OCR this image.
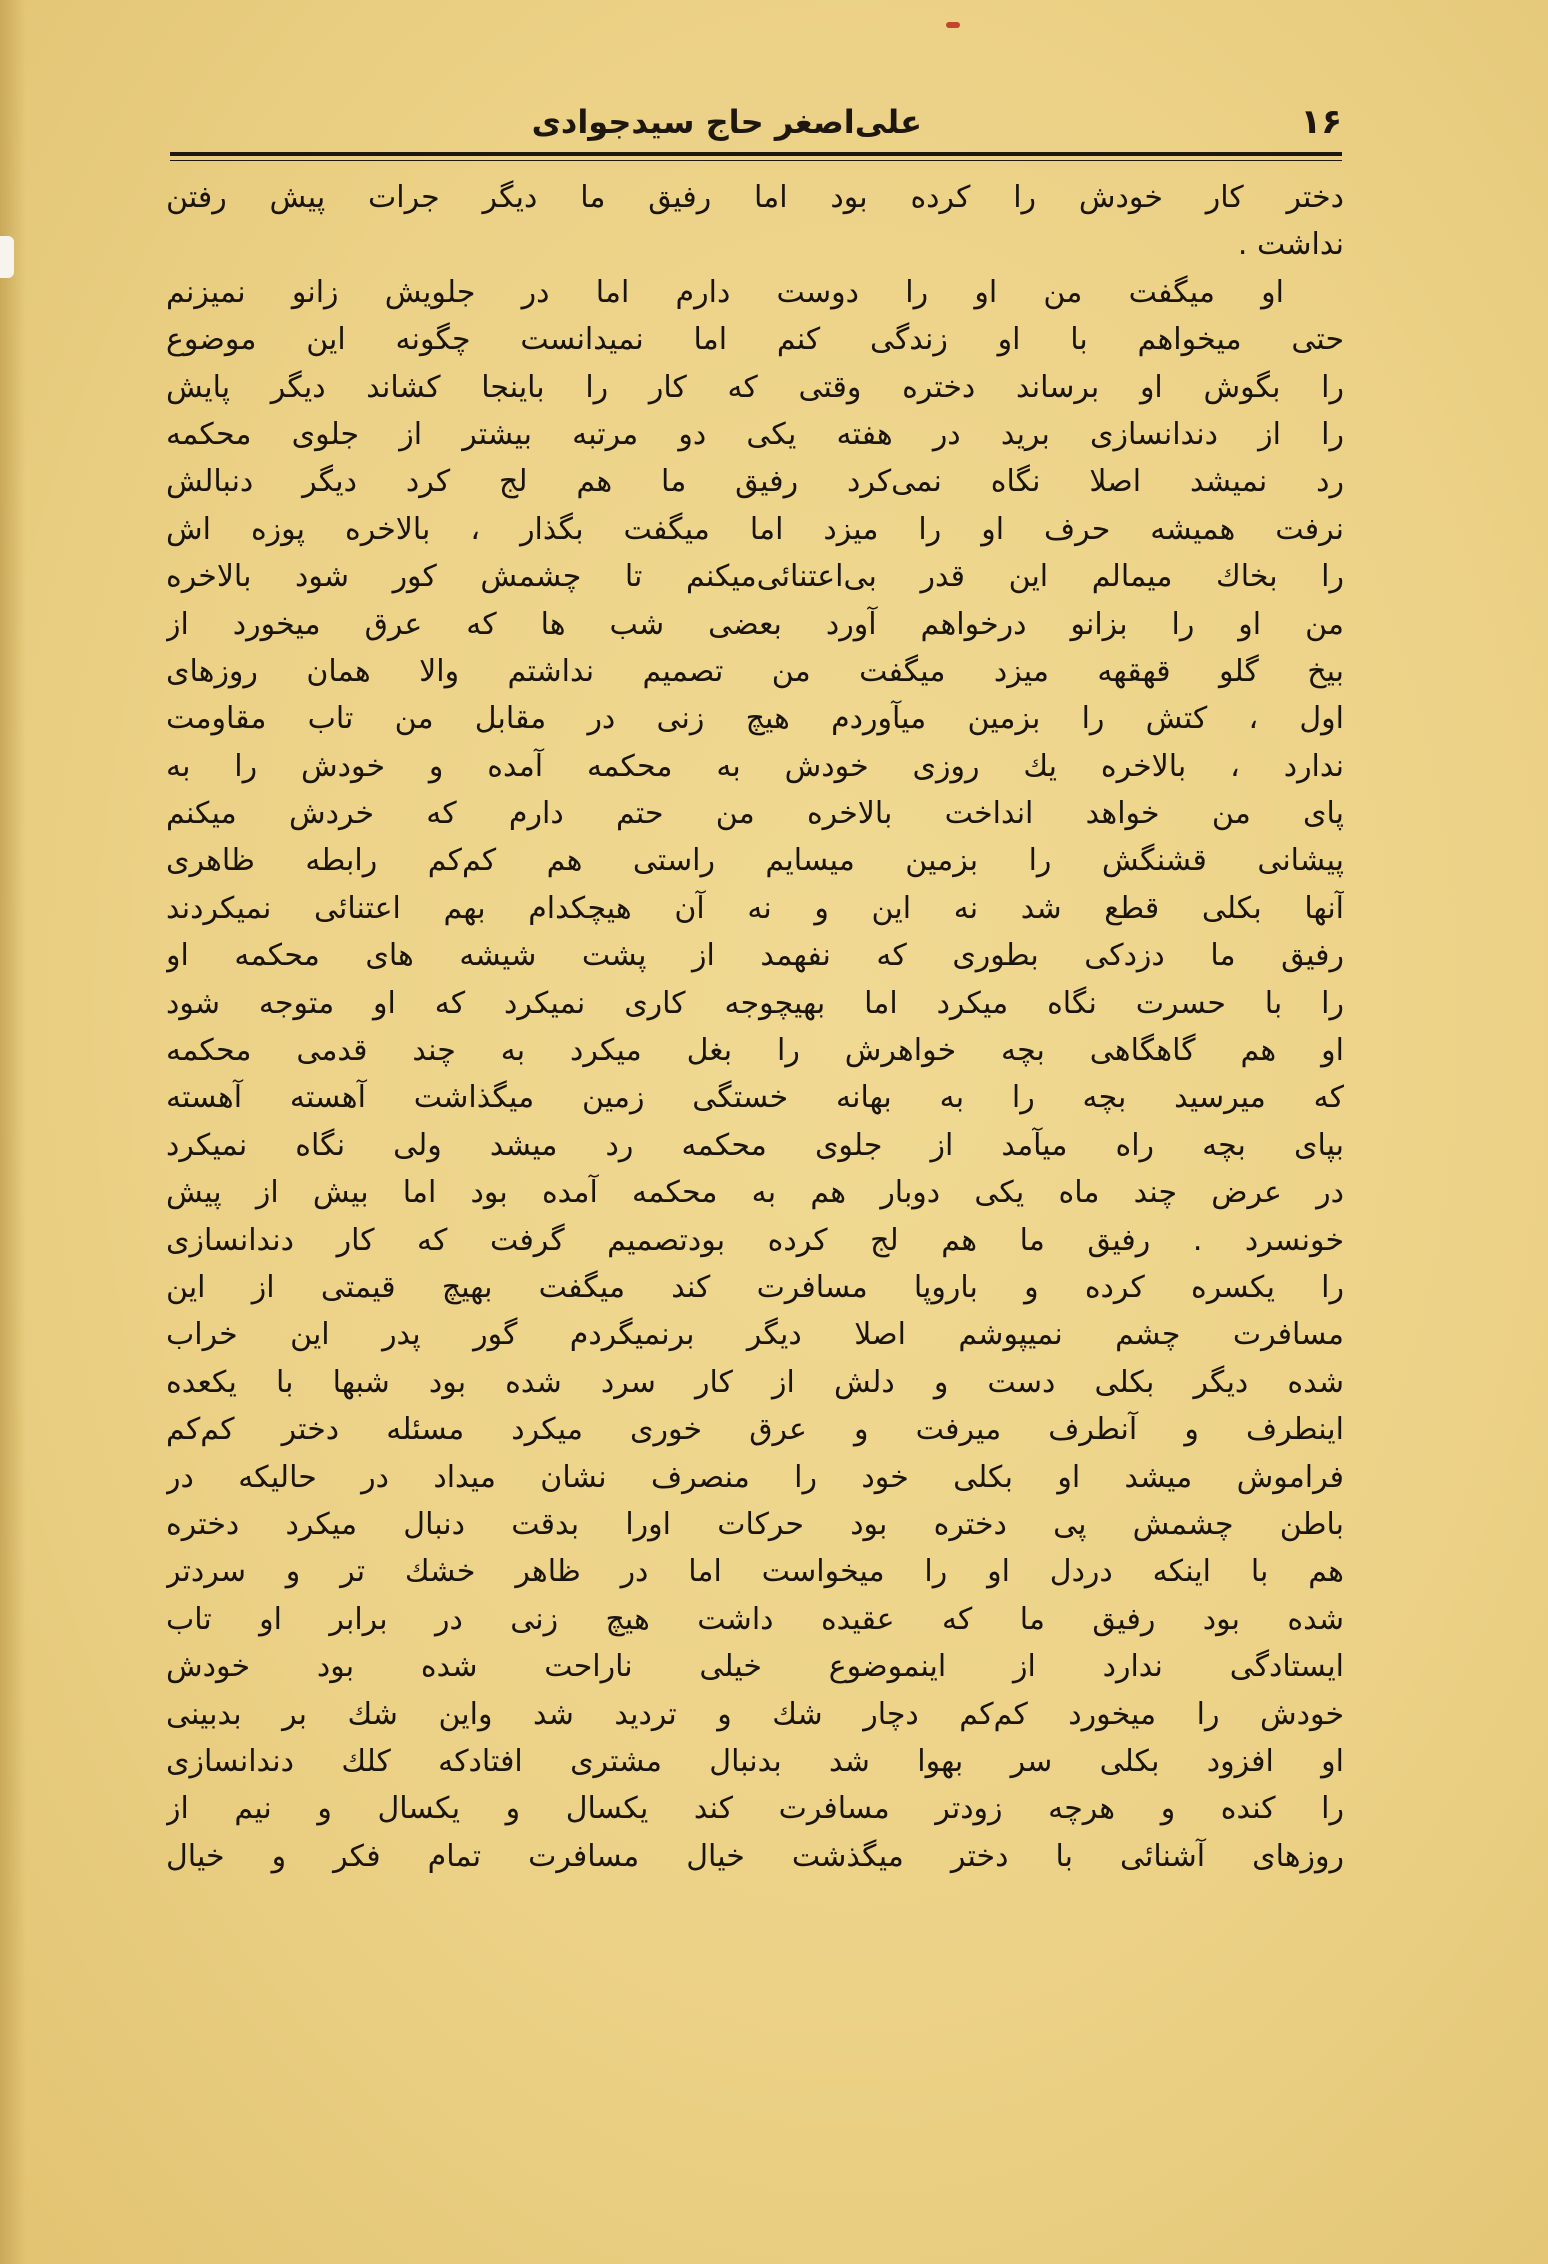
۱۶
علی‌اصغر حاج سیدجوادی
دختر کار خودش را کرده بود اما رفیق ما دیگر جرات پیش رفتن
نداشت .
او میگفت من او را دوست دارم اما در جلویش زانو نمیزنم
حتی میخواهم با او زندگی کنم اما نمیدانست چگونه این موضوع
را بگوش او برساند دختره وقتی که کار را باینجا کشاند دیگر پایش
را از دندانسازی برید در هفته یکی دو مرتبه بیشتر از جلوی محکمه
رد نمیشد اصلا نگاه نمی‌کرد رفیق ما هم لج کرد دیگر دنبالش
نرفت همیشه حرف او را میزد اما میگفت بگذار ، بالاخره پوزه اش
را بخاك میمالم این قدر بی‌اعتنائی‌میکنم تا چشمش کور شود بالاخره
من او را بزانو درخواهم آورد بعضی شب ها که عرق میخورد از
بیخ گلو قهقهه میزد میگفت من تصمیم نداشتم والا همان روزهای
اول ، کتش را بزمین میآوردم هیچ زنی در مقابل من تاب مقاومت
ندارد ، بالاخره یك روزی خودش به محکمه آمده و خودش را به
پای من خواهد انداخت بالاخره من حتم دارم که خردش میکنم
پیشانی قشنگش را بزمین میسایم راستی هم کم‌کم رابطه ظاهری
آنها بکلی قطع شد نه این و نه آن هیچکدام بهم اعتنائی نمیکردند
رفیق ما دزدکی بطوری که نفهمد از پشت شیشه های محکمه او
را با حسرت نگاه میکرد اما بهیچوجه کاری نمیکرد که او متوجه شود
او هم گاهگاهی بچه خواهرش را بغل میکرد به چند قدمی محکمه
که میرسید بچه را به بهانه خستگی زمین میگذاشت آهسته آهسته
بپای بچه راه میآمد از جلوی محکمه رد میشد ولی نگاه نمیکرد
در عرض چند ماه یکی دوبار هم به محکمه آمده بود اما بیش از پیش
خونسرد . رفیق ما هم لج کرده بودتصمیم گرفت که کار دندانسازی
را یکسره کرده و باروپا مسافرت کند میگفت بهیچ قیمتی از این
مسافرت چشم نمیپوشم اصلا دیگر برنمیگردم گور پدر این خراب
شده دیگر بکلی دست و دلش از کار سرد شده بود شبها با یکعده
اینطرف و آنطرف میرفت و عرق خوری میکرد مسئله دختر کم‌کم
فراموش میشد او بکلی خود را منصرف نشان میداد در حالیکه در
باطن چشمش پی دختره بود حرکات اورا بدقت دنبال میکرد دختره
هم با اینکه دردل او را میخواست اما در ظاهر خشك تر و سردتر
شده بود رفیق ما که عقیده داشت هیچ زنی در برابر او تاب
ایستادگی ندارد از اینموضوع خیلی ناراحت شده بود خودش
خودش را میخورد کم‌کم دچار شك و تردید شد واین شك بر بدبینی
او افزود بکلی سر بهوا شد بدنبال مشتری افتادکه کلك دندانسازی
را کنده و هرچه زودتر مسافرت کند یکسال و یکسال و نیم از
روزهای آشنائی با دختر میگذشت خیال مسافرت تمام فکر و خیال
